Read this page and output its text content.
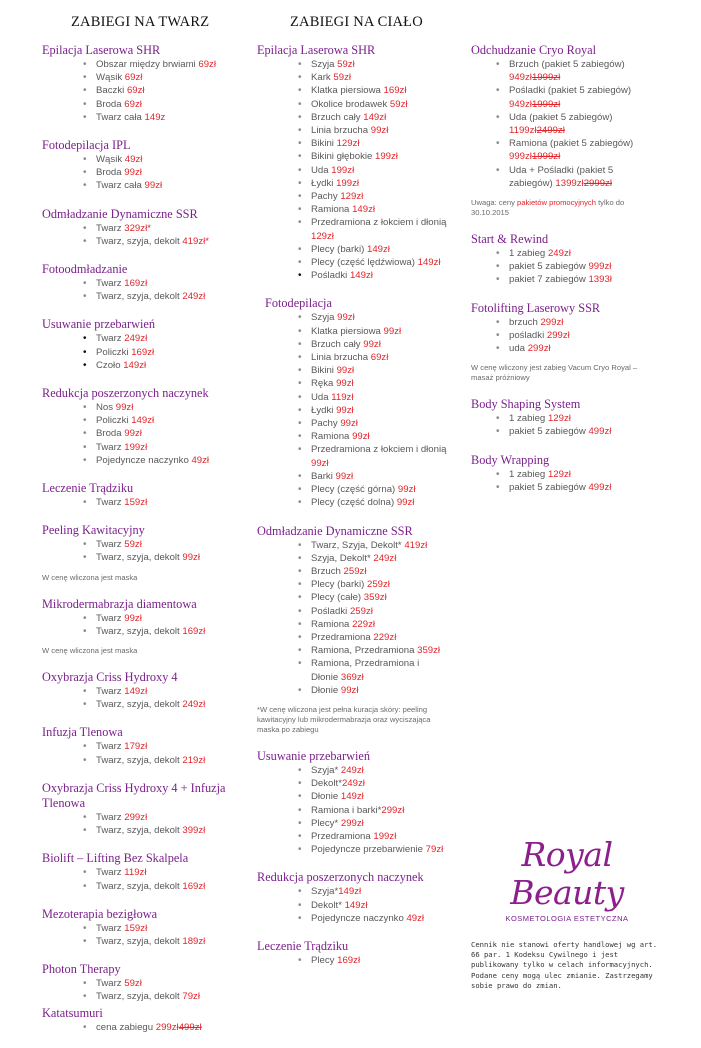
ZABIEGI NA TWARZ	ZABIEGI NA CIAŁO
Epilacja Laserowa SHR
• Obszar między brwiami 69zł
• Wąsik 69zł
• Baczki 69zł
• Broda 69zł
• Twarz cała 149z
Fotodepilacja IPL
• Wąsik 49zł
• Broda 99zł
• Twarz cała 99zł
Odmładzanie Dynamiczne SSR
• Twarz 329zł*
• Twarz, szyja, dekolt 419zł*
Fotoodmładzanie
• Twarz 169zł
• Twarz, szyja, dekolt 249zł
Usuwanie przebarwień
• Twarz 249zł
• Policzki 169zł
• Czoło 149zł
Redukcja poszerzonych naczynek
• Nos 99zł
• Policzki 149zł
• Broda 99zł
• Twarz 199zł
• Pojedyncze naczynko 49zł
Leczenie Trądziku
• Twarz 159zł
Peeling Kawitacyjny
• Twarz 59zł
• Twarz, szyja, dekolt 99zł
W cenę wliczona jest maska
Mikrodermabrazja diamentowa
• Twarz 99zł
• Twarz, szyja, dekolt 169zł
W cenę wliczona jest maska
Oxybrazja Criss Hydroxy 4
• Twarz 149zł
• Twarz, szyja, dekolt 249zł
Infuzja Tlenowa
• Twarz 179zł
• Twarz, szyja, dekolt 219zł
Oxybrazja Criss Hydroxy 4 + Infuzja Tlenowa
• Twarz 299zł
• Twarz, szyja, dekolt 399zł
Biolift – Lifting Bez Skalpela
• Twarz 119zł
• Twarz, szyja, dekolt 169zł
Mezoterapia bezigłowa
• Twarz 159zł
• Twarz, szyja, dekolt 189zł
Photon Therapy
• Twarz 59zł
• Twarz, szyja, dekolt 79zł
Katatsumuri
• cena zabiegu 299zł499zł
Epilacja Laserowa SHR
• Szyja 59zł
• Kark 59zł
• Klatka piersiowa 169zł
• Okolice brodawek 59zł
• Brzuch cały 149zł
• Linia brzucha 99zł
• Bikini 129zł
• Bikini głębokie 199zł
• Uda 199zł
• Łydki 199zł
• Pachy 129zł
• Ramiona 149zł
• Przedramiona z łokciem i dłonią 129zł
• Plecy (barki) 149zł
• Plecy (część lędźwiowa) 149zł
• Pośladki 149zł
Fotodepilacja
• Szyja 99zł
• Klatka piersiowa 99zł
• Brzuch cały 99zł
• Linia brzucha 69zł
• Bikini 99zł
• Ręka 99zł
• Uda 119zł
• Łydki 99zł
• Pachy 99zł
• Ramiona 99zł
• Przedramiona z łokciem i dłonią 99zł
• Barki 99zł
• Plecy (część górna) 99zł
• Plecy (część dolna) 99zł
Odmładzanie Dynamiczne SSR
• Twarz, Szyja, Dekolt* 419zł
• Szyja, Dekolt* 249zł
• Brzuch 259zł
• Plecy (barki) 259zł
• Plecy (całe) 359zł
• Pośladki 259zł
• Ramiona 229zł
• Przedramiona 229zł
• Ramiona, Przedramiona 359zł
• Ramiona, Przedramiona i Dłonie 369zł
• Dłonie 99zł
*W cenę wliczona jest pełna kuracja skóry: peeling kawitacyjny lub mikrodermabrazja oraz wyciszająca maska po zabiegu
Usuwanie przebarwień
• Szyja* 249zł
• Dekolt*249zł
• Dłonie 149zł
• Ramiona i barki*299zł
• Plecy* 299zł
• Przedramiona 199zł
• Pojedyncze przebarwienie 79zł
Redukcja poszerzonych naczynek
• Szyja*149zł
• Dekolt* 149zł
• Pojedyncze naczynko 49zł
Leczenie Trądziku
• Plecy 169zł
Odchudzanie Cryo Royal
• Brzuch (pakiet 5 zabiegów) 949zł1999zł
• Pośladki (pakiet 5 zabiegów) 949zł1999zł
• Uda (pakiet 5 zabiegów) 1199zł2499zł
• Ramiona (pakiet 5 zabiegów) 999zł1999zł
• Uda + Pośladki (pakiet 5 zabiegów) 1399zł2999zł
Uwaga: ceny pakietów promocyjnych tylko do 30.10.2015
Start & Rewind
• 1 zabieg 249zł
• pakiet 5 zabiegów 999zł
• pakiet 7 zabiegów 1393ł
Fotolifting Laserowy SSR
• brzuch 299zł
• pośladki 299zł
• uda 299zł
W cenę wliczony jest zabieg Vacum Cryo Royal – masaż próżniowy
Body Shaping System
• 1 zabieg 129zł
• pakiet 5 zabiegów 499zł
Body Wrapping
• 1 zabieg 129zł
• pakiet 5 zabiegów 499zł
Royal Beauty
KOSMETOLOGIA ESTETYCZNA
Cennik nie stanowi oferty handlowej wg art. 66 par. 1 Kodeksu Cywilnego i jest publikowany tylko w celach informacyjnych. Podane ceny mogą ulec zmianie. Zastrzegamy sobie prawo do zmian.
